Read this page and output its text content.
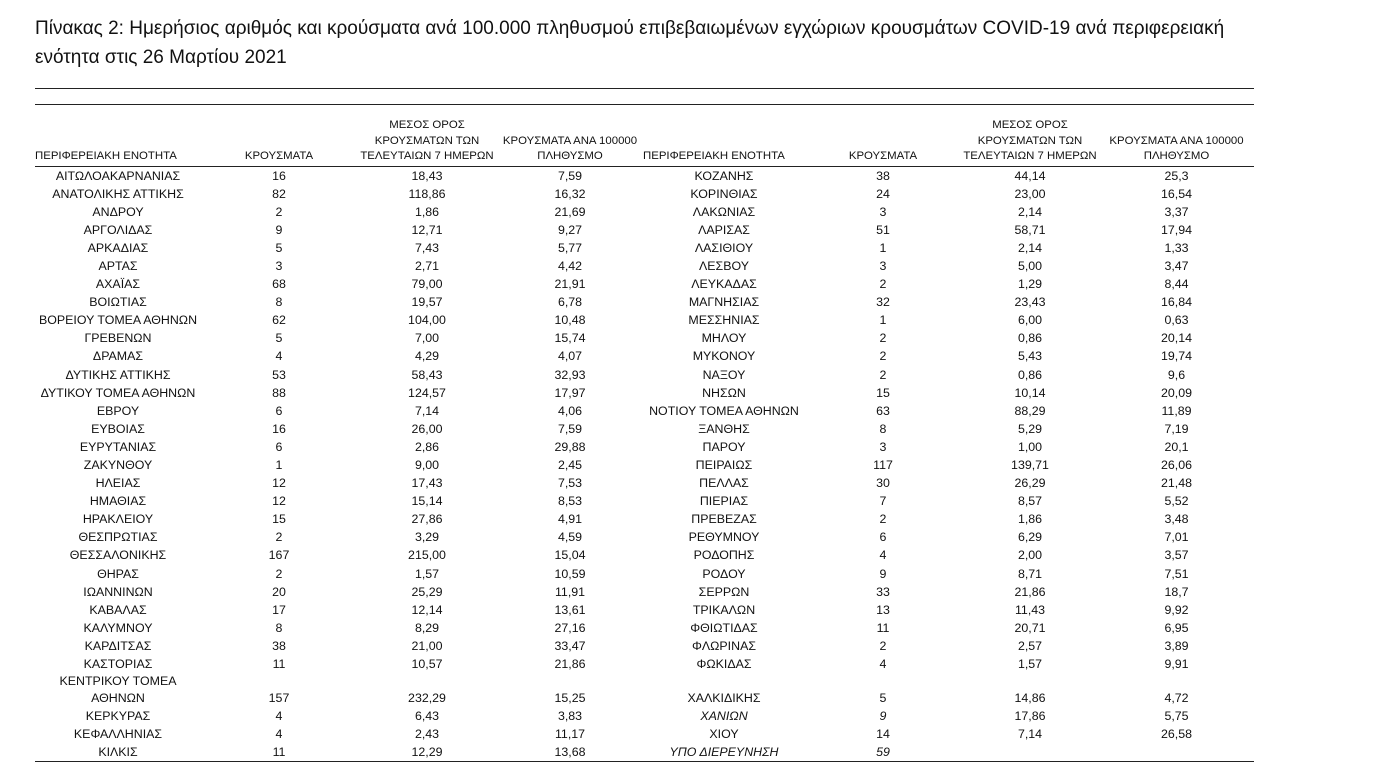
Πίνακας 2: Ημερήσιος αριθμός και κρούσματα ανά 100.000 πληθυσμού επιβεβαιωμένων εγχώριων κρουσμάτων COVID-19 ανά περιφερειακή ενότητα στις 26 Μαρτίου 2021
ΠΕΡΙΦΕΡΕΙΑΚΗ ΕΝΟΤΗΤΑ	ΚΡΟΥΣΜΑΤΑ	ΜΕΣΟΣ ΟΡΟΣ ΚΡΟΥΣΜΑΤΩΝ ΤΩΝ ΤΕΛΕΥΤΑΙΩΝ 7 ΗΜΕΡΩΝ	ΚΡΟΥΣΜΑΤΑ ΑΝΑ 100000 ΠΛΗΘΥΣΜΟ	ΠΕΡΙΦΕΡΕΙΑΚΗ ΕΝΟΤΗΤΑ	ΚΡΟΥΣΜΑΤΑ	ΜΕΣΟΣ ΟΡΟΣ ΚΡΟΥΣΜΑΤΩΝ ΤΩΝ ΤΕΛΕΥΤΑΙΩΝ 7 ΗΜΕΡΩΝ	ΚΡΟΥΣΜΑΤΑ ΑΝΑ 100000 ΠΛΗΘΥΣΜΟ
ΑΙΤΩΛΟΑΚΑΡΝΑΝΙΑΣ	16	18,43	7,59	ΚΟΖΑΝΗΣ	38	44,14	25,3
ΑΝΑΤΟΛΙΚΗΣ ΑΤΤΙΚΗΣ	82	118,86	16,32	ΚΟΡΙΝΘΙΑΣ	24	23,00	16,54
ΑΝΔΡΟΥ	2	1,86	21,69	ΛΑΚΩΝΙΑΣ	3	2,14	3,37
ΑΡΓΟΛΙΔΑΣ	9	12,71	9,27	ΛΑΡΙΣΑΣ	51	58,71	17,94
ΑΡΚΑΔΙΑΣ	5	7,43	5,77	ΛΑΣΙΘΙΟΥ	1	2,14	1,33
ΑΡΤΑΣ	3	2,71	4,42	ΛΕΣΒΟΥ	3	5,00	3,47
ΑΧΑΪΑΣ	68	79,00	21,91	ΛΕΥΚΑΔΑΣ	2	1,29	8,44
ΒΟΙΩΤΙΑΣ	8	19,57	6,78	ΜΑΓΝΗΣΙΑΣ	32	23,43	16,84
ΒΟΡΕΙΟΥ ΤΟΜΕΑ ΑΘΗΝΩΝ	62	104,00	10,48	ΜΕΣΣΗΝΙΑΣ	1	6,00	0,63
ΓΡΕΒΕΝΩΝ	5	7,00	15,74	ΜΗΛΟΥ	2	0,86	20,14
ΔΡΑΜΑΣ	4	4,29	4,07	ΜΥΚΟΝΟΥ	2	5,43	19,74
ΔΥΤΙΚΗΣ ΑΤΤΙΚΗΣ	53	58,43	32,93	ΝΑΞΟΥ	2	0,86	9,6
ΔΥΤΙΚΟΥ ΤΟΜΕΑ ΑΘΗΝΩΝ	88	124,57	17,97	ΝΗΣΩΝ	15	10,14	20,09
ΕΒΡΟΥ	6	7,14	4,06	ΝΟΤΙΟΥ ΤΟΜΕΑ ΑΘΗΝΩΝ	63	88,29	11,89
ΕΥΒΟΙΑΣ	16	26,00	7,59	ΞΑΝΘΗΣ	8	5,29	7,19
ΕΥΡΥΤΑΝΙΑΣ	6	2,86	29,88	ΠΑΡΟΥ	3	1,00	20,1
ΖΑΚΥΝΘΟΥ	1	9,00	2,45	ΠΕΙΡΑΙΩΣ	117	139,71	26,06
ΗΛΕΙΑΣ	12	17,43	7,53	ΠΕΛΛΑΣ	30	26,29	21,48
ΗΜΑΘΙΑΣ	12	15,14	8,53	ΠΙΕΡΙΑΣ	7	8,57	5,52
ΗΡΑΚΛΕΙΟΥ	15	27,86	4,91	ΠΡΕΒΕΖΑΣ	2	1,86	3,48
ΘΕΣΠΡΩΤΙΑΣ	2	3,29	4,59	ΡΕΘΥΜΝΟΥ	6	6,29	7,01
ΘΕΣΣΑΛΟΝΙΚΗΣ	167	215,00	15,04	ΡΟΔΟΠΗΣ	4	2,00	3,57
ΘΗΡΑΣ	2	1,57	10,59	ΡΟΔΟΥ	9	8,71	7,51
ΙΩΑΝΝΙΝΩΝ	20	25,29	11,91	ΣΕΡΡΩΝ	33	21,86	18,7
ΚΑΒΑΛΑΣ	17	12,14	13,61	ΤΡΙΚΑΛΩΝ	13	11,43	9,92
ΚΑΛΥΜΝΟΥ	8	8,29	27,16	ΦΘΙΩΤΙΔΑΣ	11	20,71	6,95
ΚΑΡΔΙΤΣΑΣ	38	21,00	33,47	ΦΛΩΡΙΝΑΣ	2	2,57	3,89
ΚΑΣΤΟΡΙΑΣ	11	10,57	21,86	ΦΩΚΙΔΑΣ	4	1,57	9,91

ΚΕΝΤΡΙΚΟΥ ΤΟΜΕΑ
ΑΘΗΝΩΝ	157	232,29	15,25	ΧΑΛΚΙΔΙΚΗΣ	5	14,86	4,72
ΚΕΡΚΥΡΑΣ	4	6,43	3,83	ΧΑΝΙΩΝ	9	17,86	5,75
ΚΕΦΑΛΛΗΝΙΑΣ	4	2,43	11,17	ΧΙΟΥ	14	7,14	26,58
ΚΙΛΚΙΣ	11	12,29	13,68	ΥΠΟ ΔΙΕΡΕΥΝΗΣΗ	59		
